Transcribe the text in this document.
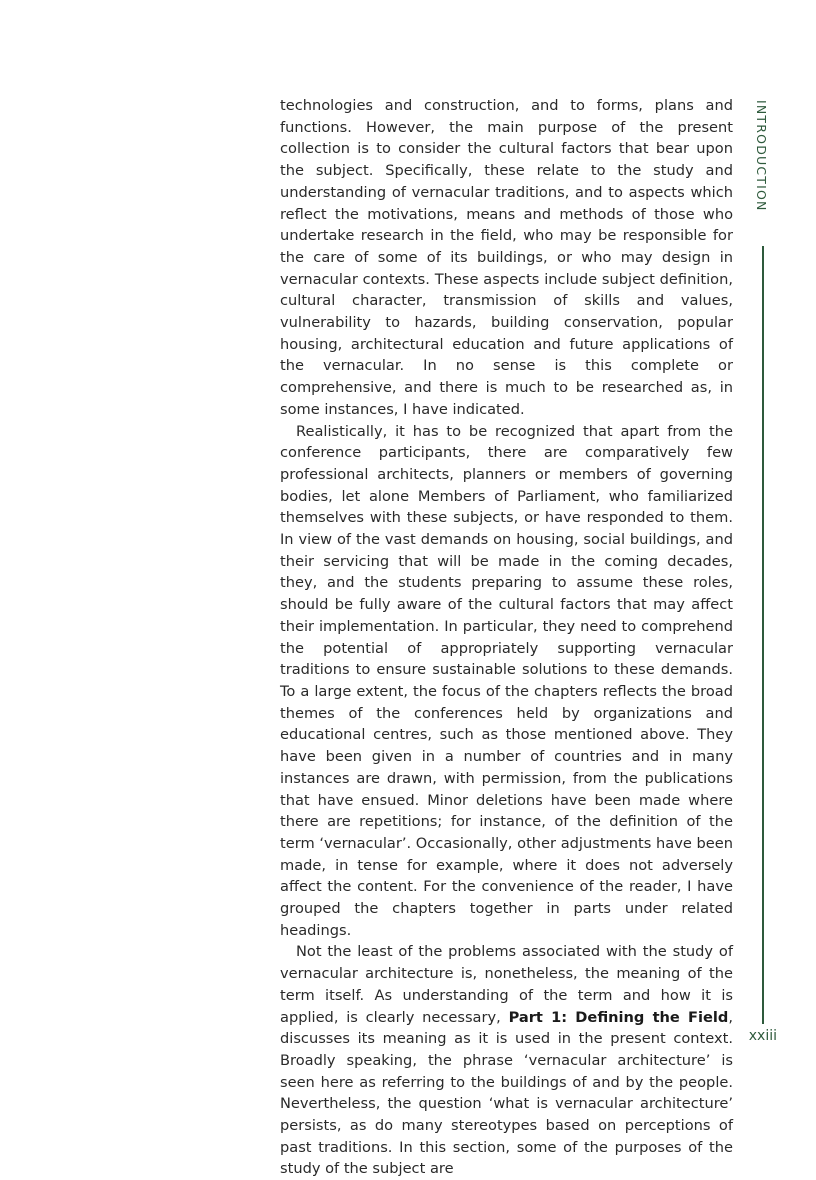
technologies and construction, and to forms, plans and functions. However, the main purpose of the present collection is to consider the cultural factors that bear upon the subject. Specifically, these relate to the study and understanding of vernacular traditions, and to aspects which reflect the motivations, means and methods of those who undertake research in the field, who may be responsible for the care of some of its buildings, or who may design in vernacular contexts. These aspects include subject definition, cultural character, transmission of skills and values, vulnerability to hazards, building conservation, popular housing, architectural education and future applications of the vernacular. In no sense is this complete or comprehensive, and there is much to be researched as, in some instances, I have indicated.

Realistically, it has to be recognized that apart from the conference participants, there are comparatively few professional architects, planners or members of governing bodies, let alone Members of Parliament, who familiarized themselves with these subjects, or have responded to them. In view of the vast demands on housing, social buildings, and their servicing that will be made in the coming decades, they, and the students preparing to assume these roles, should be fully aware of the cultural factors that may affect their implementation. In particular, they need to comprehend the potential of appropriately supporting vernacular traditions to ensure sustainable solutions to these demands. To a large extent, the focus of the chapters reflects the broad themes of the conferences held by organizations and educational centres, such as those mentioned above. They have been given in a number of countries and in many instances are drawn, with permission, from the publications that have ensued. Minor deletions have been made where there are repetitions; for instance, of the definition of the term ‘vernacular’. Occasionally, other adjustments have been made, in tense for example, where it does not adversely affect the content. For the convenience of the reader, I have grouped the chapters together in parts under related headings.

Not the least of the problems associated with the study of vernacular architecture is, nonetheless, the meaning of the term itself. As understanding of the term and how it is applied, is clearly necessary, Part 1: Defining the Field, discusses its meaning as it is used in the present context. Broadly speaking, the phrase ‘vernacular architecture’ is seen here as referring to the buildings of and by the people. Nevertheless, the question ‘what is vernacular architecture’ persists, as do many stereotypes based on perceptions of past traditions. In this section, some of the purposes of the study of the subject are

INTRODUCTION
xxiii
